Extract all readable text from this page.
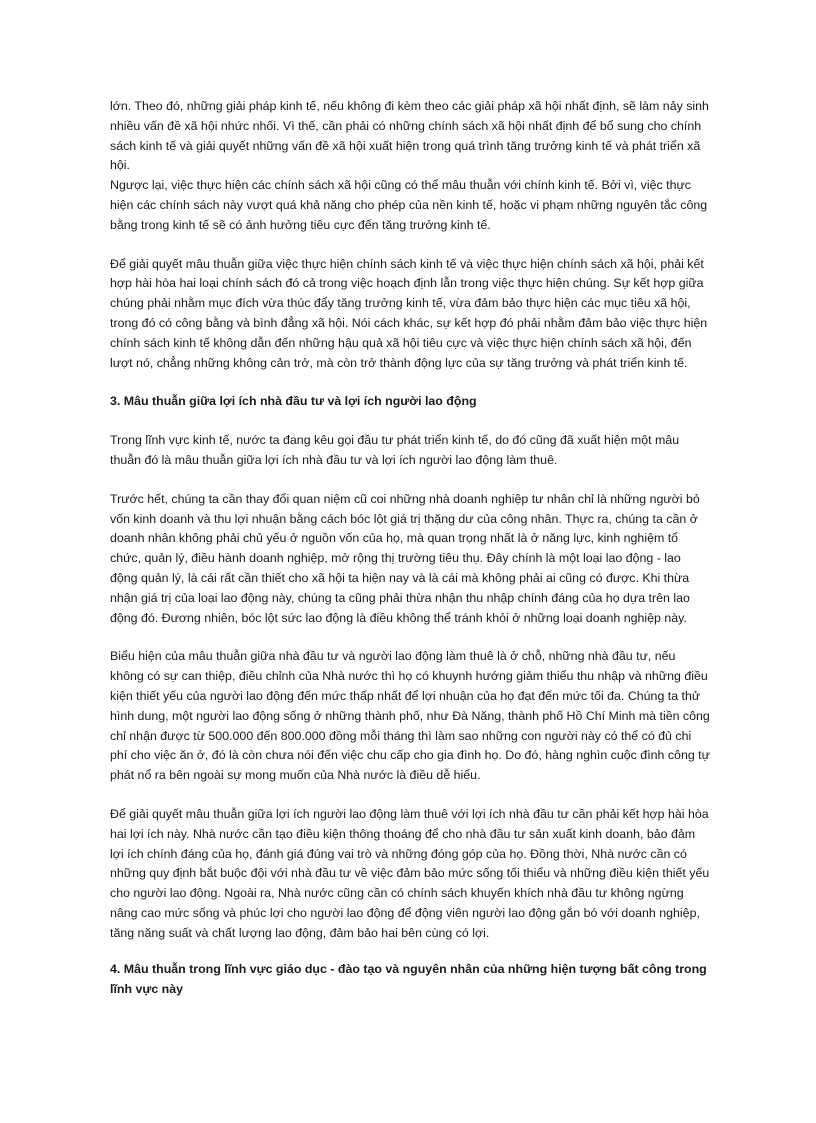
lớn. Theo đó, những giải pháp kinh tế, nếu không đi kèm theo các giải pháp xã hội nhất định, sẽ làm nảy sinh nhiều vấn đề xã hội nhức nhối. Vì thế, cần phải có những chính sách xã hội nhất định để bổ sung cho chính sách kinh tế và giải quyết những vấn đề xã hội xuất hiện trong quá trình tăng trưởng kinh tế và phát triển xã hội.

Ngược lại, việc thực hiện các chính sách xã hội cũng có thể mâu thuẫn với chính kinh tế. Bởi vì, việc thực hiện các chính sách này vượt quá khả năng cho phép của nền kinh tế, hoặc vi phạm những nguyên tắc công bằng trong kinh tế sẽ có ảnh hưởng tiêu cực đến tăng trưởng kinh tế.

Để giải quyết mâu thuẫn giữa việc thực hiện chính sách kinh tế và việc thực hiện chính sách xã hội, phải kết hợp hài hòa hai loại chính sách đó cả trong việc hoạch định lẫn trong việc thực hiện chúng. Sự kết hợp giữa chúng phải nhằm mục đích vừa thúc đẩy tăng trưởng kinh tế, vừa đảm bảo thực hiện các mục tiêu xã hội, trong đó có công bằng và bình đẳng xã hội. Nói cách khác, sự kết hợp đó phải nhằm đảm bảo việc thực hiện chính sách kinh tế không dẫn đến những hậu quả xã hội tiêu cực và việc thực hiện chính sách xã hội, đến lượt nó, chẳng những không cản trở, mà còn trở thành động lực của sự tăng trưởng và phát triển kinh tế.

3. Mâu thuẫn giữa lợi ích nhà đầu tư và lợi ích người lao động

Trong lĩnh vực kinh tế, nước ta đang kêu gọi đầu tư phát triển kinh tế, do đó cũng đã xuất hiện một mâu thuẫn đó là mâu thuẫn giữa lợi ích nhà đầu tư và lợi ích người lao động làm thuê.

Trước hết, chúng ta cần thay đổi quan niệm cũ coi những nhà doanh nghiệp tư nhân chỉ là những người bỏ vốn kinh doanh và thu lợi nhuận bằng cách bóc lột giá trị thặng dư của công nhân. Thực ra, chúng ta cần ở doanh nhân không phải chủ yếu ở nguồn vốn của họ, mà quan trọng nhất là ở năng lực, kinh nghiệm tổ chức, quản lý, điều hành doanh nghiệp, mở rộng thị trường tiêu thụ. Đây chính là một loại lao động - lao động quản lý, là cái rất cần thiết cho xã hội ta hiện nay và là cái mà không phải ai cũng có được. Khi thừa nhận giá trị của loại lao động này, chúng ta cũng phải thừa nhận thu nhập chính đáng của họ dựa trên lao động đó. Đương nhiên, bóc lột sức lao động là điều không thể tránh khỏi ở những loại doanh nghiệp này.

Biểu hiện của mâu thuẫn giữa nhà đầu tư và người lao động làm thuê là ở chỗ, những nhà đầu tư, nếu không có sự can thiệp, điều chỉnh của Nhà nước thì họ có khuynh hướng giảm thiểu thu nhập và những điều kiện thiết yếu của người lao động đến mức thấp nhất để lợi nhuận của họ đạt đến mức tối đa. Chúng ta thử hình dung, một người lao động sống ở những thành phố, như Đà Năng, thành phố Hồ Chí Minh mà tiền công chỉ nhận được từ 500.000 đến 800.000 đồng mỗi tháng thì làm sao những con người này có thể có đủ chi phí cho việc ăn ở, đó là còn chưa nói đến việc chu cấp cho gia đình họ. Do đó, hàng nghìn cuộc đình công tự phát nổ ra bên ngoài sự mong muốn của Nhà nước là điều dễ hiểu.

Để giải quyết mâu thuẫn giữa lợi ích người lao động làm thuê với lợi ích nhà đầu tư cần phải kết hợp hài hòa hai lợi ích này. Nhà nước cần tạo điều kiện thông thoáng để cho nhà đầu tư sản xuất kinh doanh, bảo đảm lợi ích chính đáng của họ, đánh giá đúng vai trò và những đóng góp của họ. Đồng thời, Nhà nước cần có những quy định bắt buộc đội với nhà đầu tư về việc đảm bảo mức sống tối thiểu và những điều kiện thiết yếu cho người lao động. Ngoài ra, Nhà nước cũng cần có chính sách khuyến khích nhà đầu tư không ngừng nâng cao mức sống và phúc lợi cho người lao động để động viên người lao động gắn bó với doanh nghiệp, tăng năng suất và chất lượng lao động, đảm bảo hai bên cùng có lợi.

4. Mâu thuẫn trong lĩnh vực giáo dục - đào tạo và nguyên nhân của những hiện tượng bất công trong lĩnh vực này
